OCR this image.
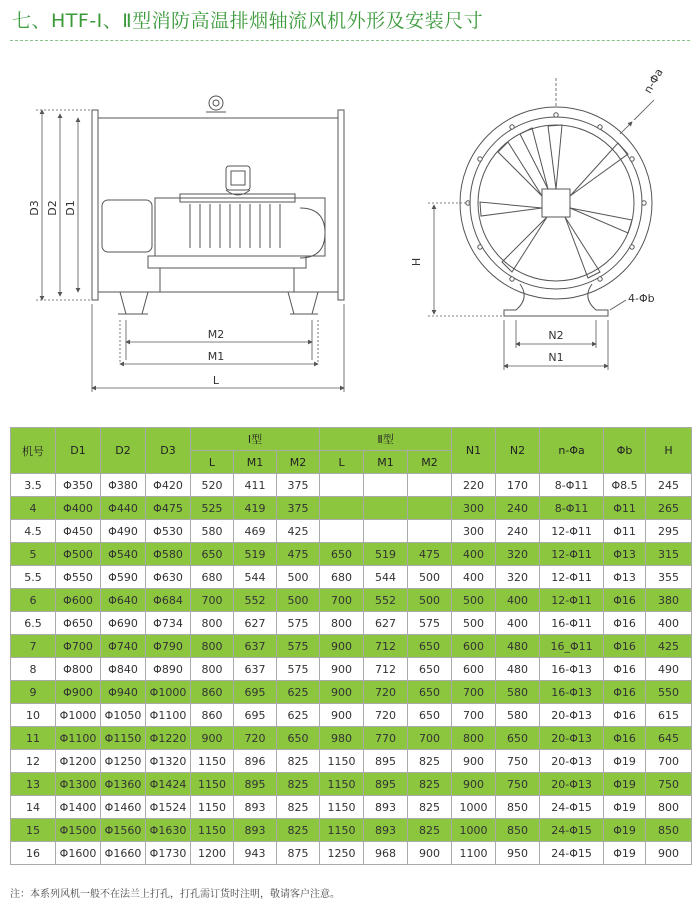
七、HTF-Ⅰ、Ⅱ型消防高温排烟轴流风机外形及安装尺寸
D3 D2 D1
M2
M1
L
n-Φa
H
4-Φb
N2
N1
机号	D1	D2	D3	Ⅰ型			Ⅱ型			N1	N2	n-Φa	Φb	H
				L	M1	M2	L	M1	M2					
3.5	Φ350	Φ380	Φ420	520	411	375				220	170	8-Φ11	Φ8.5	245
4	Φ400	Φ440	Φ475	525	419	375				300	240	8-Φ11	Φ11	265
4.5	Φ450	Φ490	Φ530	580	469	425				300	240	12-Φ11	Φ11	295
5	Φ500	Φ540	Φ580	650	519	475	650	519	475	400	320	12-Φ11	Φ13	315
5.5	Φ550	Φ590	Φ630	680	544	500	680	544	500	400	320	12-Φ11	Φ13	355
6	Φ600	Φ640	Φ684	700	552	500	700	552	500	500	400	12-Φ11	Φ16	380
6.5	Φ650	Φ690	Φ734	800	627	575	800	627	575	500	400	16-Φ11	Φ16	400
7	Φ700	Φ740	Φ790	800	637	575	900	712	650	600	480	16_Φ11	Φ16	425
8	Φ800	Φ840	Φ890	800	637	575	900	712	650	600	480	16-Φ13	Φ16	490
9	Φ900	Φ940	Φ1000	860	695	625	900	720	650	700	580	16-Φ13	Φ16	550
10	Φ1000	Φ1050	Φ1100	860	695	625	900	720	650	700	580	20-Φ13	Φ16	615
11	Φ1100	Φ1150	Φ1220	900	720	650	980	770	700	800	650	20-Φ13	Φ16	645
12	Φ1200	Φ1250	Φ1320	1150	896	825	1150	895	825	900	750	20-Φ13	Φ19	700
13	Φ1300	Φ1360	Φ1424	1150	895	825	1150	895	825	900	750	20-Φ13	Φ19	750
14	Φ1400	Φ1460	Φ1524	1150	893	825	1150	893	825	1000	850	24-Φ15	Φ19	800
15	Φ1500	Φ1560	Φ1630	1150	893	825	1150	893	825	1000	850	24-Φ15	Φ19	850
16	Φ1600	Φ1660	Φ1730	1200	943	875	1250	968	900	1100	950	24-Φ15	Φ19	900
注：本系列风机一般不在法兰上打孔，打孔需订货时注明，敬请客户注意。
